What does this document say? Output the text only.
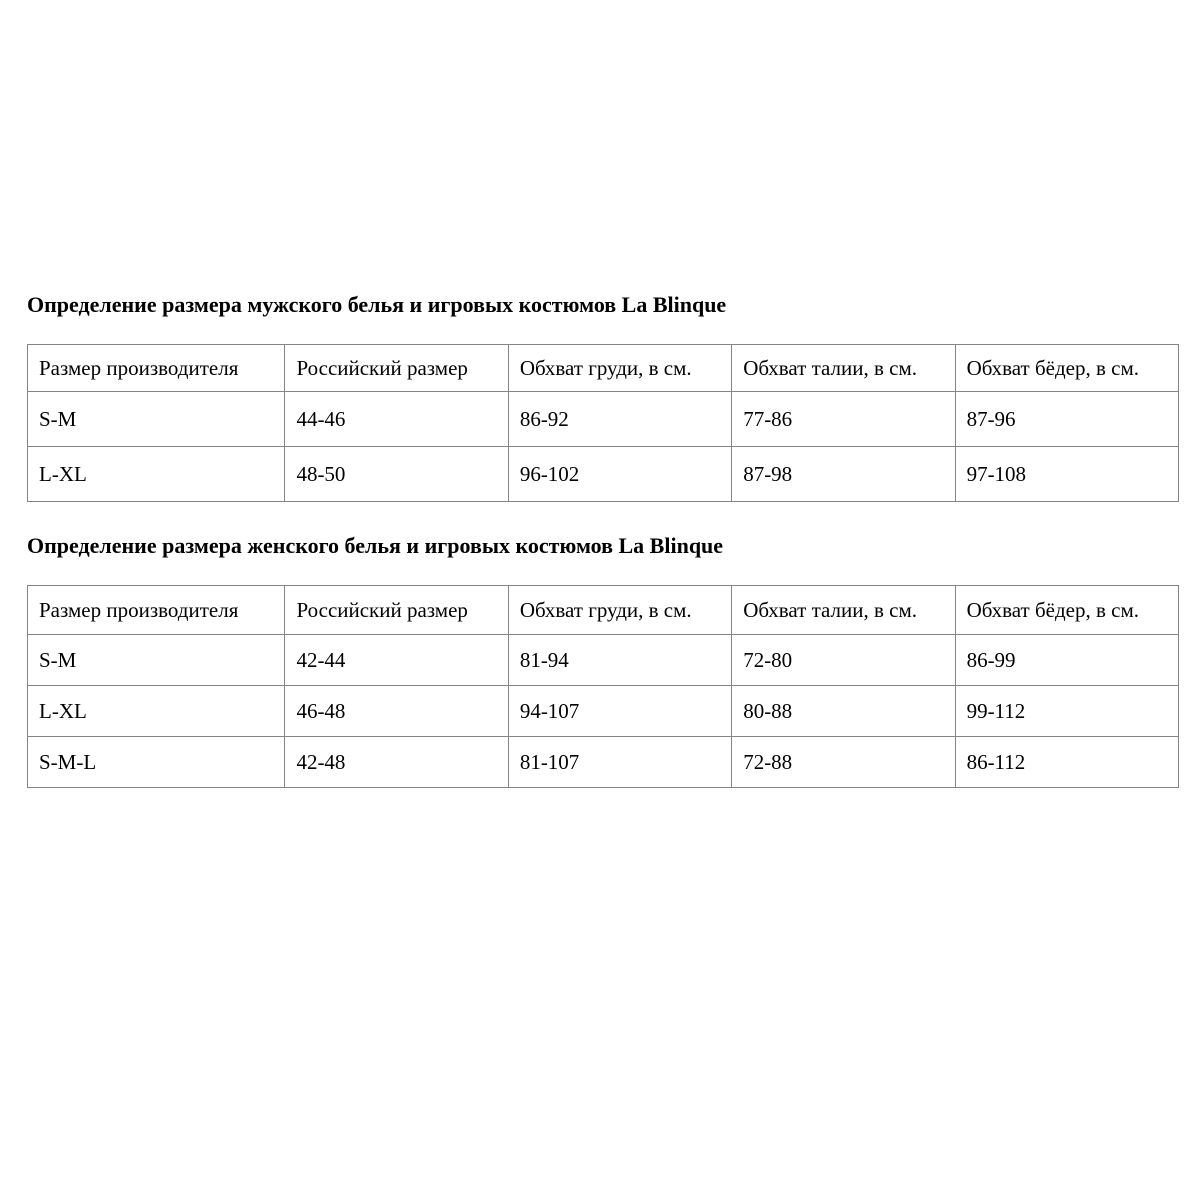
Определение размера мужского белья и игровых костюмов La Blinque

Размер производителя	Российский размер	Обхват груди, в см.	Обхват талии, в см.	Обхват бёдер, в см.
S-M	44-46	86-92	77-86	87-96
L-XL	48-50	96-102	87-98	97-108

Определение размера женского белья и игровых костюмов La Blinque

Размер производителя	Российский размер	Обхват груди, в см.	Обхват талии, в см.	Обхват бёдер, в см.
S-M	42-44	81-94	72-80	86-99
L-XL	46-48	94-107	80-88	99-112
S-M-L	42-48	81-107	72-88	86-112
